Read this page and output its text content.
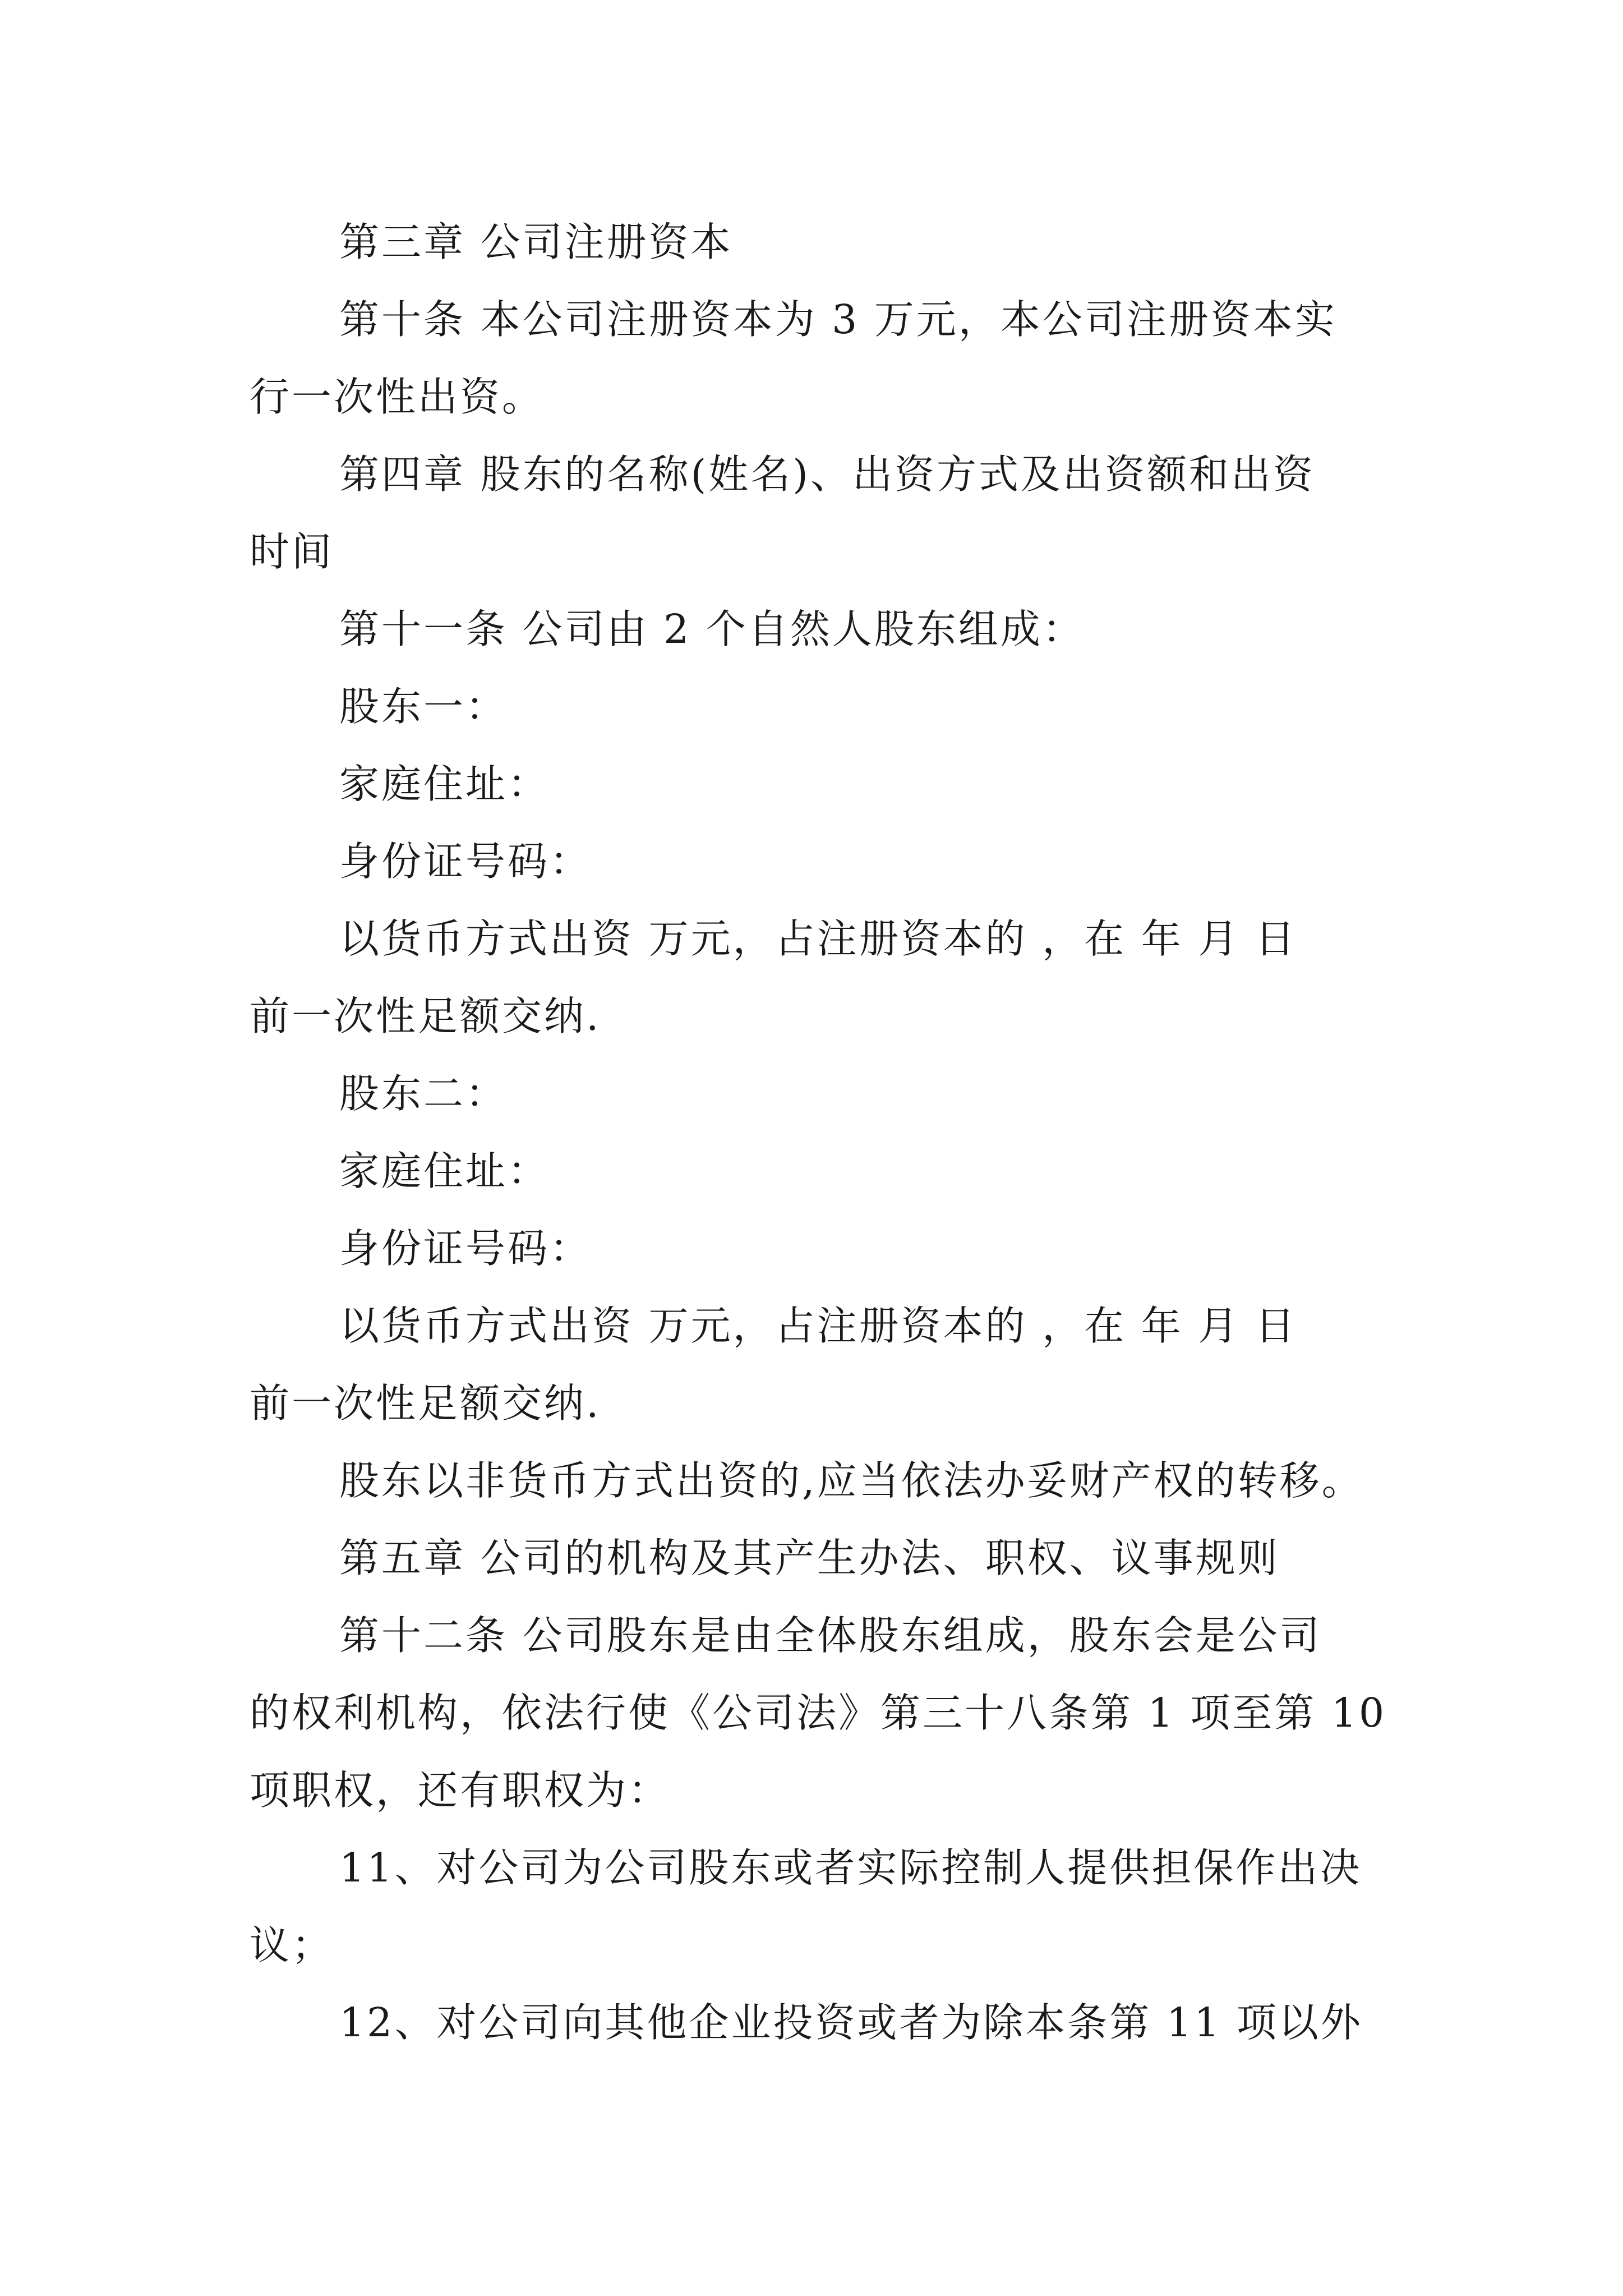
第三章 公司注册资本
第十条 本公司注册资本为 3 万元，本公司注册资本实
行一次性出资。
第四章 股东的名称(姓名)、出资方式及出资额和出资
时间
第十一条 公司由 2 个自然人股东组成：
股东一：
家庭住址：
身份证号码：
以货币方式出资 万元，占注册资本的 ，在 年 月 日
前一次性足额交纳.
股东二：
家庭住址：
身份证号码：
以货币方式出资 万元，占注册资本的 ，在 年 月 日
前一次性足额交纳.
股东以非货币方式出资的,应当依法办妥财产权的转移。
第五章 公司的机构及其产生办法、职权、议事规则
第十二条 公司股东是由全体股东组成，股东会是公司
的权利机构，依法行使《公司法》第三十八条第 1 项至第 10
项职权，还有职权为：
11、对公司为公司股东或者实际控制人提供担保作出决
议；
12、对公司向其他企业投资或者为除本条第 11 项以外
